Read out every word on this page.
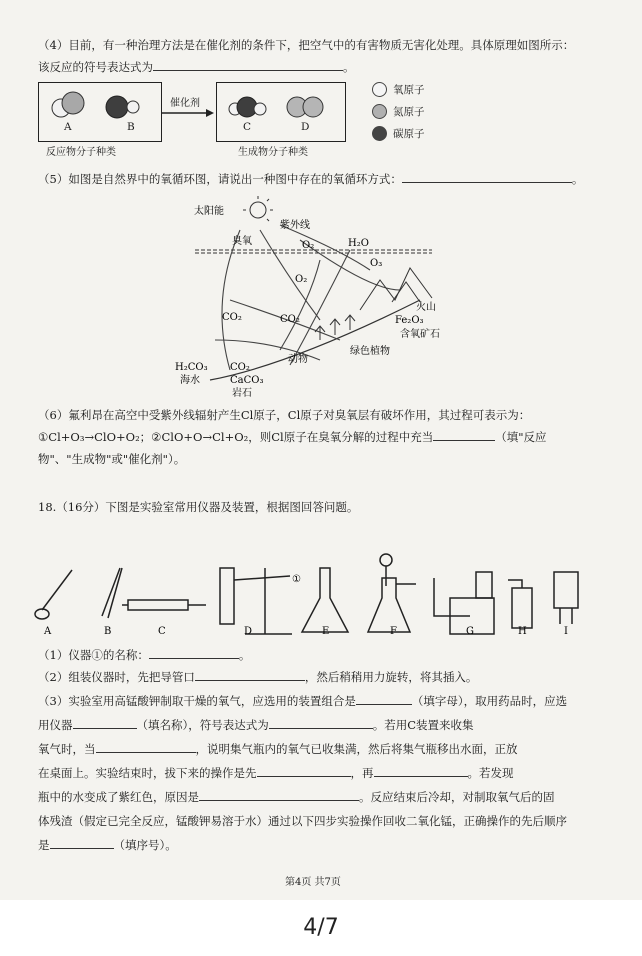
（4）目前，有一种治理方法是在催化剂的条件下，把空气中的有害物质无害化处理。具体原理如图所示：
该反应的符号表达式为	。
A	B
反应物分子种类
催化剂
C	D
生成物分子种类
氧原子
氮原子
碳原子
（5）如图是自然界中的氧循环图，请说出一种图中存在的氧循环方式：	。
太阳能
紫外线
臭氧	O₂	H₂O
O₃
O₂
CO₂	CO₂
火山
Fe₂O₃
含氧矿石
绿色植物
动物
H₂CO₃ CO₂
海水	CaCO₃
岩石
（6）氟利昂在高空中受紫外线辐射产生Cl原子，Cl原子对臭氧层有破坏作用，其过程可表示为：
①Cl+O₃→ClO+O₂；②ClO+O→Cl+O₂，则Cl原子在臭氧分解的过程中充当	（填"反应
物"、"生成物"或"催化剂"）。
18.（16分）下图是实验室常用仪器及装置，根据图回答问题。
A	B	C	D	E	F	G	H	I
①
（1）仪器①的名称：	。
（2）组装仪器时，先把导管口	，然后稍稍用力旋转，将其插入。
（3）实验室用高锰酸钾制取干燥的氧气，应选用的装置组合是	（填字母），取用药品时，应选
用仪器	（填名称），符号表达式为	。若用C装置来收集
氧气时，当	，说明集气瓶内的氧气已收集满，然后将集气瓶移出水面，正放
在桌面上。实验结束时，拔下来的操作是先	，再	。若发现
瓶中的水变成了紫红色，原因是	。反应结束后冷却，对制取氧气后的固
体残渣（假定已完全反应，锰酸钾易溶于水）通过以下四步实验操作回收二氧化锰，正确操作的先后顺序
是	（填序号）。
第4页 共7页
4/7
